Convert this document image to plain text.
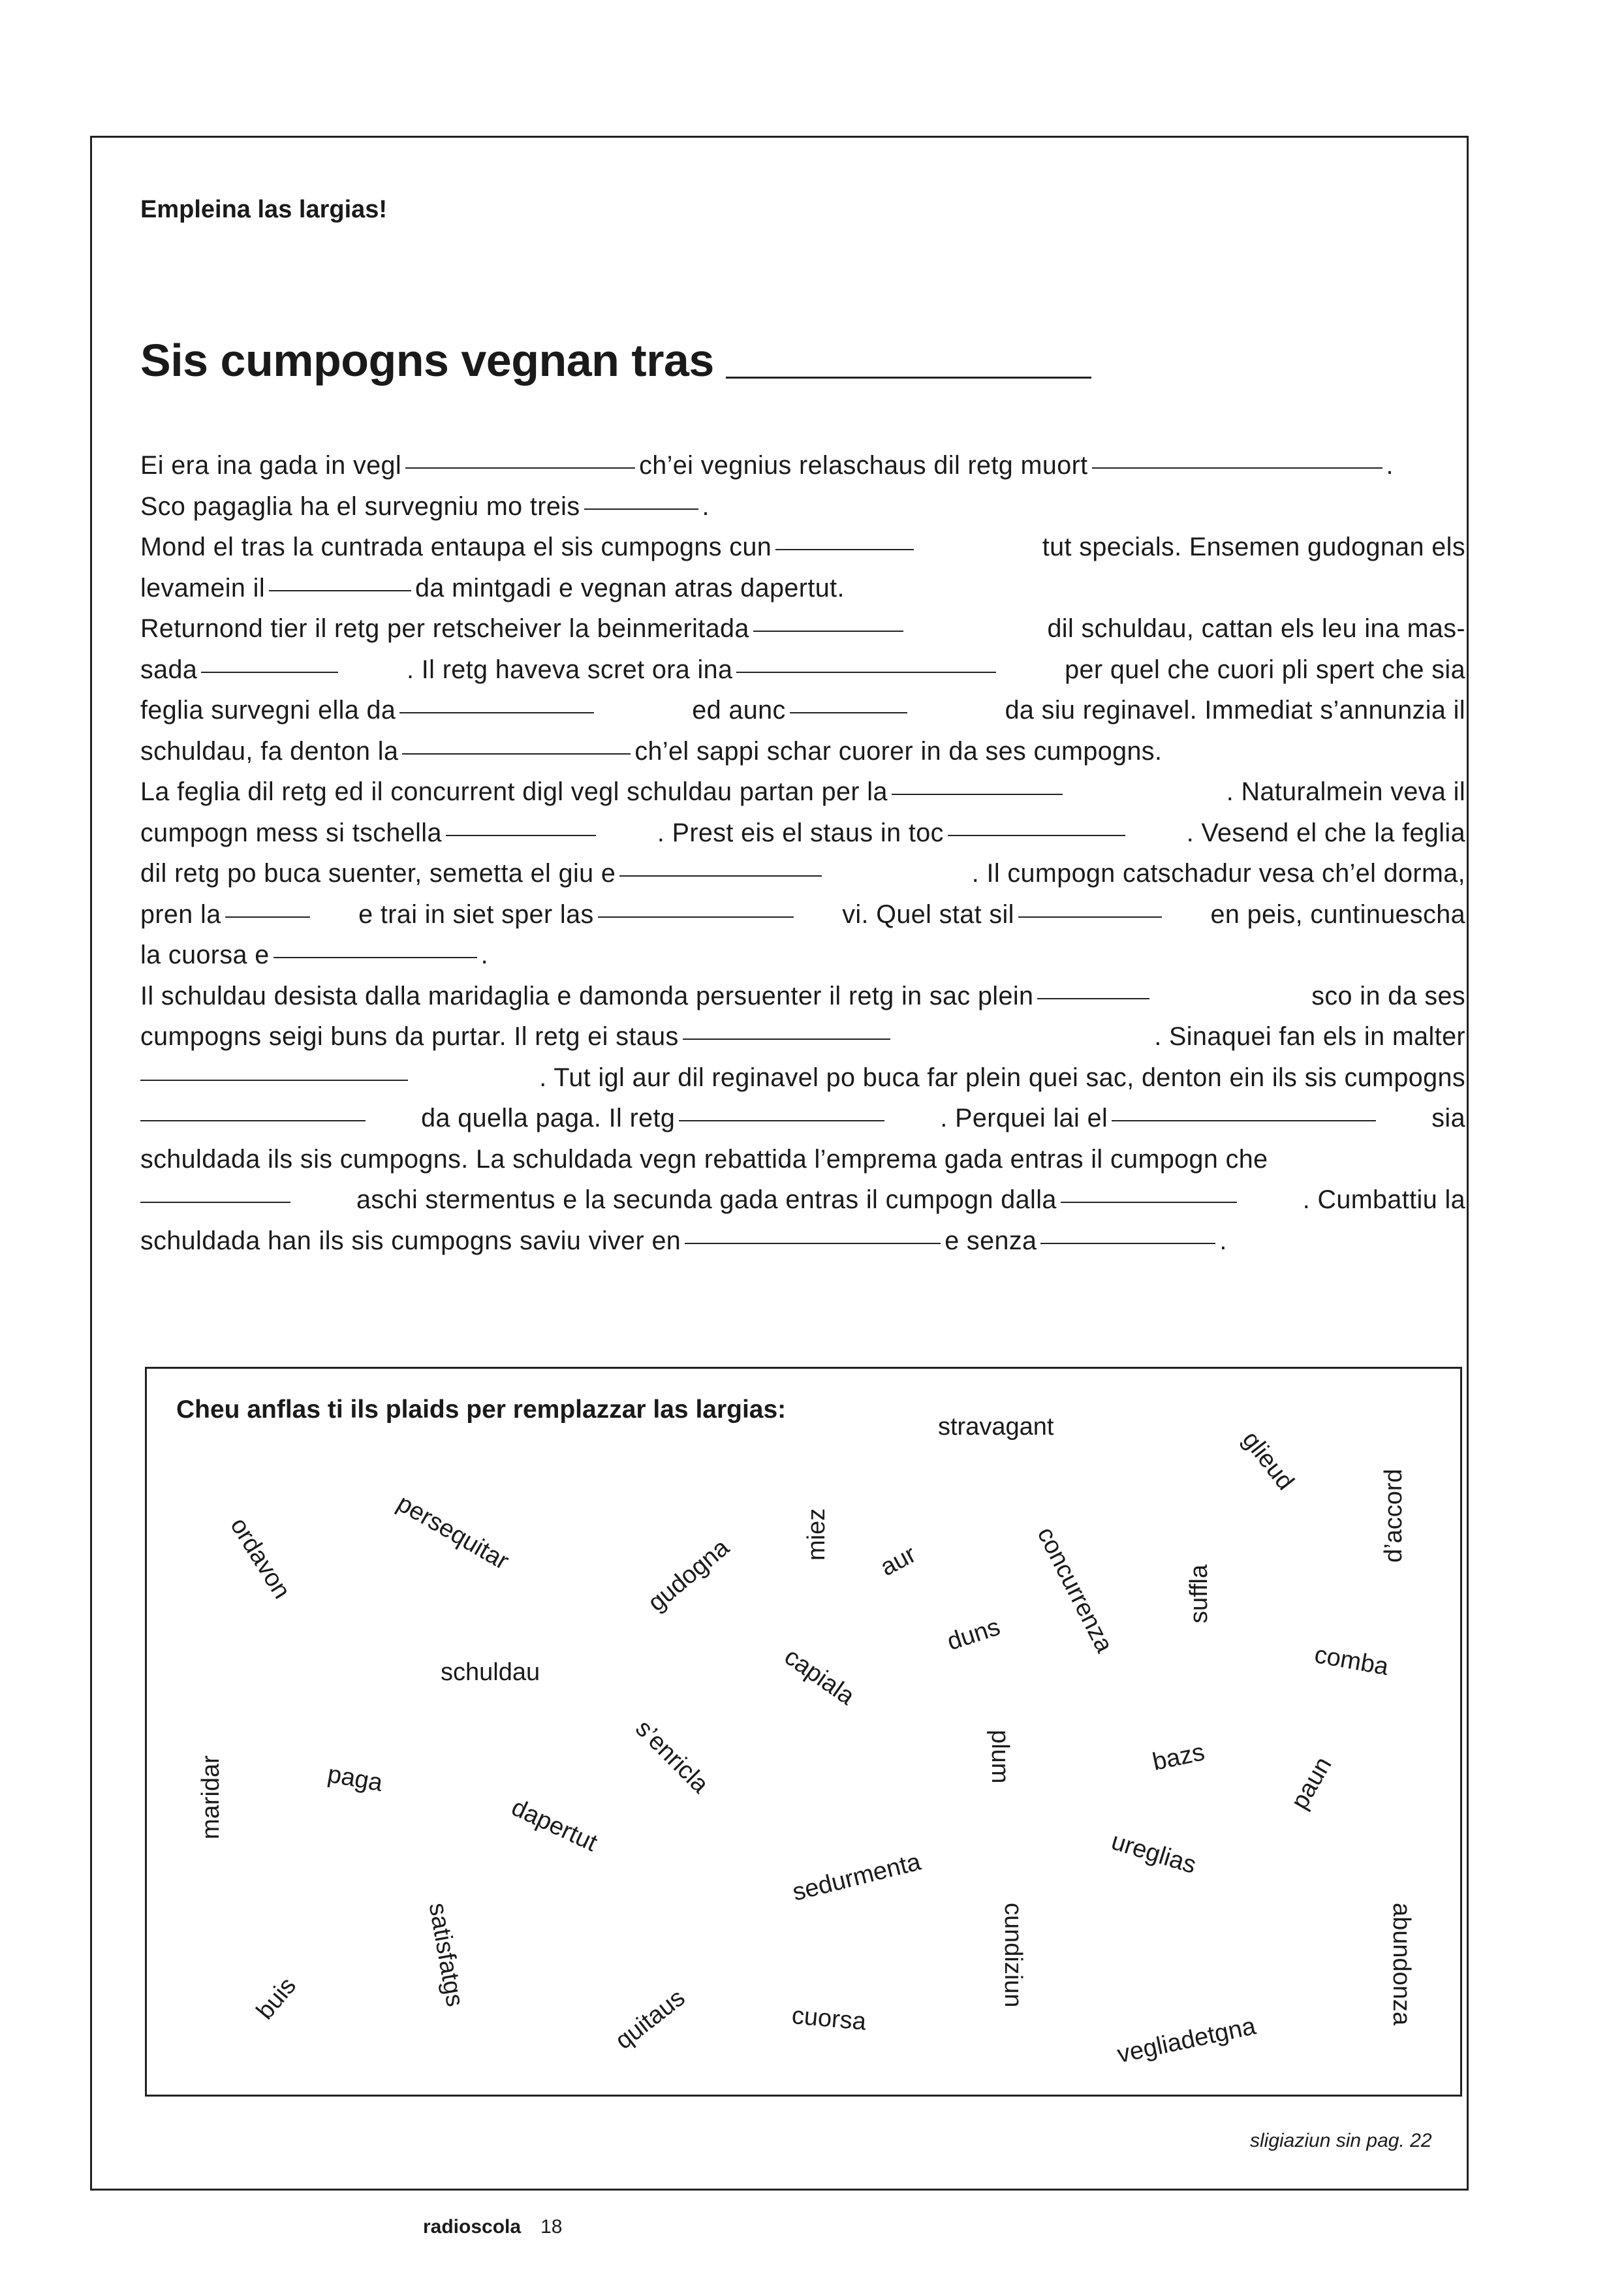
Empleina las largias!
Sis cumpogns vegnan tras
Ei era ina gada in vegl	ch’ei vegnius relaschaus dil retg muort	.
Sco pagaglia ha el survegniu mo treis	.
Mond el tras la cuntrada entaupa el sis cumpogns cun	tut specials. Ensemen gudognan els
levamein il	da mintgadi e vegnan atras dapertut.
Returnond tier il retg per retscheiver la beinmeritada	dil schuldau, cattan els leu ina mas-
sada	. Il retg haveva scret ora ina	per quel che cuori pli spert che sia
feglia survegni ella da	ed aunc	da siu reginavel. Immediat s’annunzia il
schuldau, fa denton la	ch’el sappi schar cuorer in da ses cumpogns.
La feglia dil retg ed il concurrent digl vegl schuldau partan per la	. Naturalmein veva il
cumpogn mess si tschella	. Prest eis el staus in toc	. Vesend el che la feglia
dil retg po buca suenter, semetta el giu e	. Il cumpogn catschadur vesa ch’el dorma,
pren la	e trai in siet sper las	vi. Quel stat sil	en peis, cuntinuescha
la cuorsa e	.
Il schuldau desista dalla maridaglia e damonda persuenter il retg in sac plein	sco in da ses
cumpogns seigi buns da purtar. Il retg ei staus	. Sinaquei fan els in malter
. Tut igl aur dil reginavel po buca far plein quei sac, denton ein ils sis cumpogns
da quella paga. Il retg	. Perquei lai el	sia
schuldada ils sis cumpogns. La schuldada vegn rebattida l’emprema gada entras il cumpogn che
aschi stermentus e la secunda gada entras il cumpogn dalla	. Cumbattiu la
schuldada han ils sis cumpogns saviu viver en	e senza	.
Cheu anflas ti ils plaids per remplazzar las largias:
stravagant	glieud
d’accord
ordavon	persequitar
gudogna	miez
aur	concurrenza	suffla
schuldau	capiala
duns
comba
maridar	paga	s’enricla	plum	bazs	paun
dapertut
sedurmenta	ureglias
abundonza
buis	satisfatgs
quitaus	cuorsa
cundiziun
vegliadetgna
sligiaziun sin pag. 22
radioscola 18
